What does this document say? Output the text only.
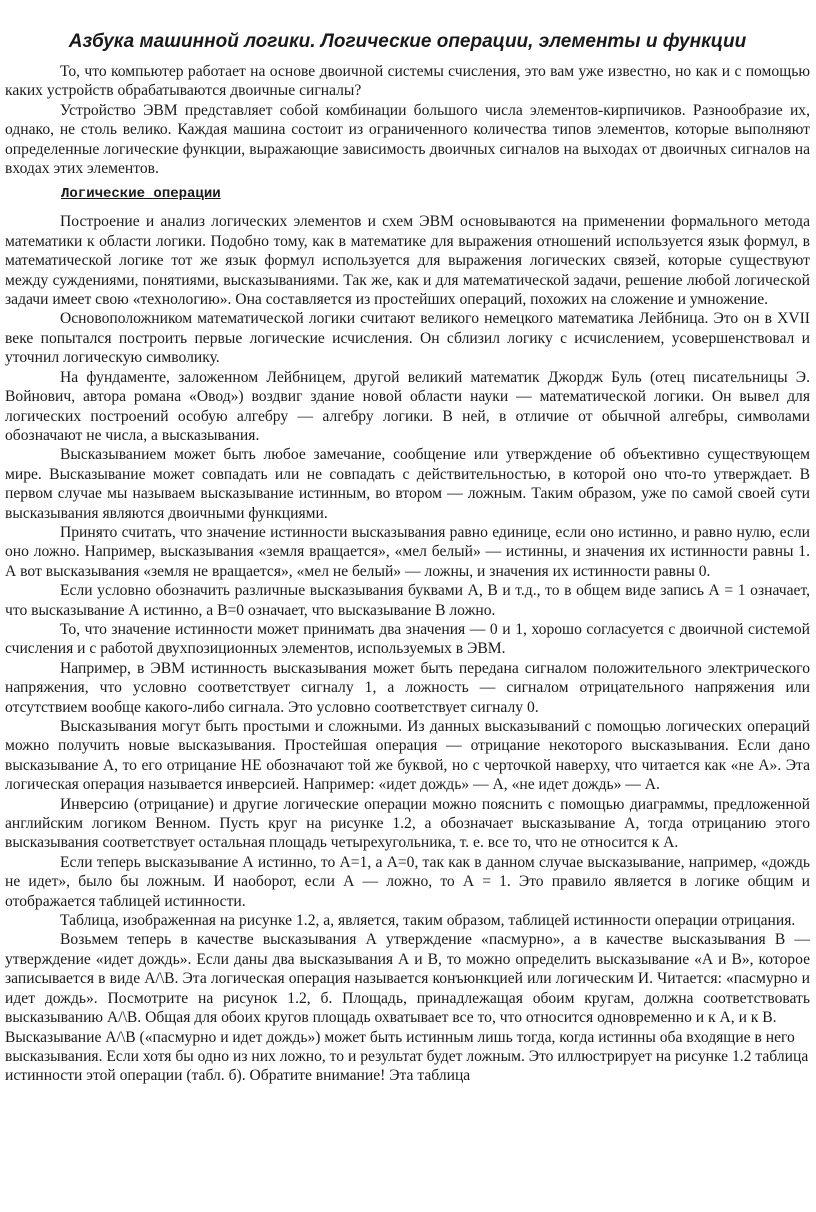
Азбука машинной логики. Логические операции, элементы и функции

То, что компьютер работает на основе двоичной системы счисления, это вам уже известно, но как и с помощью каких устройств обрабатываются двоичные сигналы?

Устройство ЭВМ представляет собой комбинации большого числа элементов-кирпичиков. Разнообразие их, однако, не столь велико. Каждая машина состоит из ограниченного количества типов элементов, которые выполняют определенные логические функции, выражающие зависимость двоичных сигналов на выходах от двоичных сигналов на входах этих элементов.

Логические операции

Построение и анализ логических элементов и схем ЭВМ основываются на применении формального метода математики к области логики. Подобно тому, как в математике для выражения отношений используется язык формул, в математической логике тот же язык формул используется для выражения логических связей, которые существуют между суждениями, понятиями, высказываниями. Так же, как и для математической задачи, решение любой логической задачи имеет свою «технологию». Она составляется из простейших операций, похожих на сложение и умножение.

Основоположником математической логики считают великого немецкого математика Лейбница. Это он в XVII веке попытался построить первые логические исчисления. Он сблизил логику с исчислением, усовершенствовал и уточнил логическую символику.

На фундаменте, заложенном Лейбницем, другой великий математик Джордж Буль (отец писательницы Э. Войнович, автора романа «Овод») воздвиг здание новой области науки — математической логики. Он вывел для логических построений особую алгебру — алгебру логики. В ней, в отличие от обычной алгебры, символами обозначают не числа, а высказывания.

Высказыванием может быть любое замечание, сообщение или утверждение об объективно существующем мире. Высказывание может совпадать или не совпадать с действительностью, в которой оно что-то утверждает. В первом случае мы называем высказывание истинным, во втором — ложным. Таким образом, уже по самой своей сути высказывания являются двоичными функциями.

Принято считать, что значение истинности высказывания равно единице, если оно истинно, и равно нулю, если оно ложно. Например, высказывания «земля вращается», «мел белый» — истинны, и значения их истинности равны 1. А вот высказывания «земля не вращается», «мел не белый» — ложны, и значения их истинности равны 0.

Если условно обозначить различные высказывания буквами А, В и т.д., то в общем виде запись А = 1 означает, что высказывание А истинно, а В=0 означает, что высказывание В ложно.

То, что значение истинности может принимать два значения — 0 и 1, хорошо согласуется с двоичной системой счисления и с работой двухпозиционных элементов, используемых в ЭВМ.

Например, в ЭВМ истинность высказывания может быть передана сигналом положительного электрического напряжения, что условно соответствует сигналу 1, а ложность — сигналом отрицательного напряжения или отсутствием вообще какого-либо сигнала. Это условно соответствует сигналу 0.

Высказывания могут быть простыми и сложными. Из данных высказываний с помощью логических операций можно получить новые высказывания. Простейшая операция — отрицание некоторого высказывания. Если дано высказывание А, то его отрицание НЕ обозначают той же буквой, но с черточкой наверху, что читается как «не А». Эта логическая операция называется инверсией. Например: «идет дождь» — А, «не идет дождь» — А.

Инверсию (отрицание) и другие логические операции можно пояснить с помощью диаграммы, предложенной английским логиком Венном. Пусть круг на рисунке 1.2, а обозначает высказывание А, тогда отрицанию этого высказывания соответствует остальная площадь четырехугольника, т. е. все то, что не относится к А.

Если теперь высказывание А истинно, то А=1, а А=0, так как в данном случае высказывание, например, «дождь не идет», было бы ложным. И наоборот, если А — ложно, то А = 1. Это правило является в логике общим и отображается таблицей истинности.

Таблица, изображенная на рисунке 1.2, а, является, таким образом, таблицей истинности операции отрицания.

Возьмем теперь в качестве высказывания А утверждение «пасмурно», а в качестве высказывания В — утверждение «идет дождь». Если даны два высказывания А и В, то можно определить высказывание «А и В», которое записывается в виде А/\В. Эта логическая операция называется конъюнкцией или логическим И. Читается: «пасмурно и идет дождь». Посмотрите на рисунок 1.2, б. Площадь, принадлежащая обоим кругам, должна соответствовать высказыванию А/\В. Общая для обоих кругов площадь охватывает все то, что относится одновременно и к А, и к В.

Высказывание А/\В («пасмурно и идет дождь») может быть истинным лишь тогда, когда истинны оба входящие в него высказывания. Если хотя бы одно из них ложно, то и результат будет ложным. Это иллюстрирует на рисунке 1.2 таблица истинности этой операции (табл. б). Обратите внимание! Эта таблица
